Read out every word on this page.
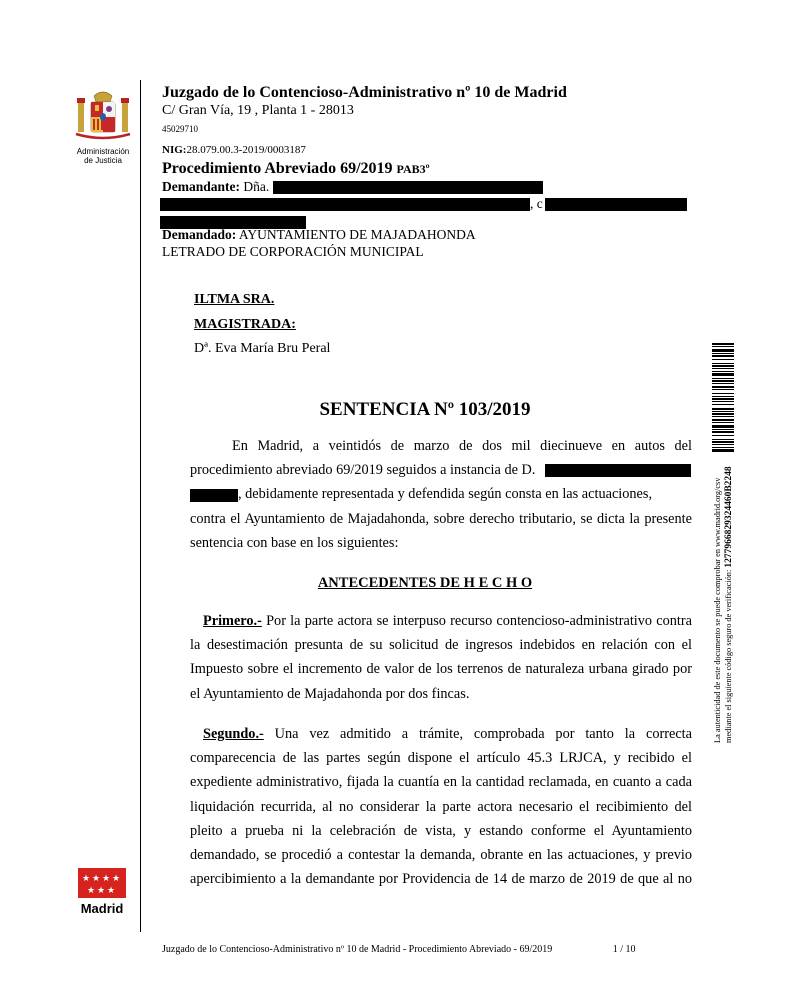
Administración
de Justicia
★ ★ ★ ★
★ ★ ★
Madrid
Juzgado de lo Contencioso-Administrativo nº 10 de Madrid
C/ Gran Vía, 19 , Planta 1 - 28013
45029710
NIG:28.079.00.3-2019/0003187
Procedimiento Abreviado 69/2019 PAB3º
Demandante: Dña.
, c
Demandado: AYUNTAMIENTO DE MAJADAHONDA
LETRADO DE CORPORACIÓN MUNICIPAL
ILTMA SRA.
MAGISTRADA:
Dª. Eva María Bru Peral
SENTENCIA Nº 103/2019
En Madrid, a veintidós de marzo de dos mil diecinueve en autos del
procedimiento abreviado 69/2019 seguidos a instancia de D.
, debidamente representada y defendida según consta en las actuaciones,
contra el Ayuntamiento de Majadahonda, sobre derecho tributario, se dicta la presente
sentencia con base en los siguientes:
ANTECEDENTES DE H E C H O
Primero.- Por la parte actora se interpuso recurso contencioso-administrativo contra
la desestimación presunta de su solicitud de ingresos indebidos en relación con el
Impuesto sobre el incremento de valor de los terrenos de naturaleza urbana girado por
el Ayuntamiento de Majadahonda por dos fincas.
Segundo.- Una vez admitido a trámite, comprobada por tanto la correcta
comparecencia de las partes según dispone el artículo 45.3 LRJCA, y recibido el
expediente administrativo, fijada la cuantía en la cantidad reclamada, en cuanto a cada
liquidación recurrida, al no considerar la parte actora necesario el recibimiento del
pleito a prueba ni la celebración de vista, y estando conforme el Ayuntamiento
demandado, se procedió a contestar la demanda, obrante en las actuaciones, y previo
apercibimiento a la demandante por Providencia de 14 de marzo de 2019 de que al no
La autenticidad de este documento se puede comprobar en www.madrid.org/csv mediante el siguiente código seguro de verificación: 1277966829324460B2248
Juzgado de lo Contencioso-Administrativo nº 10 de Madrid - Procedimiento Abreviado - 69/2019	1 / 10
